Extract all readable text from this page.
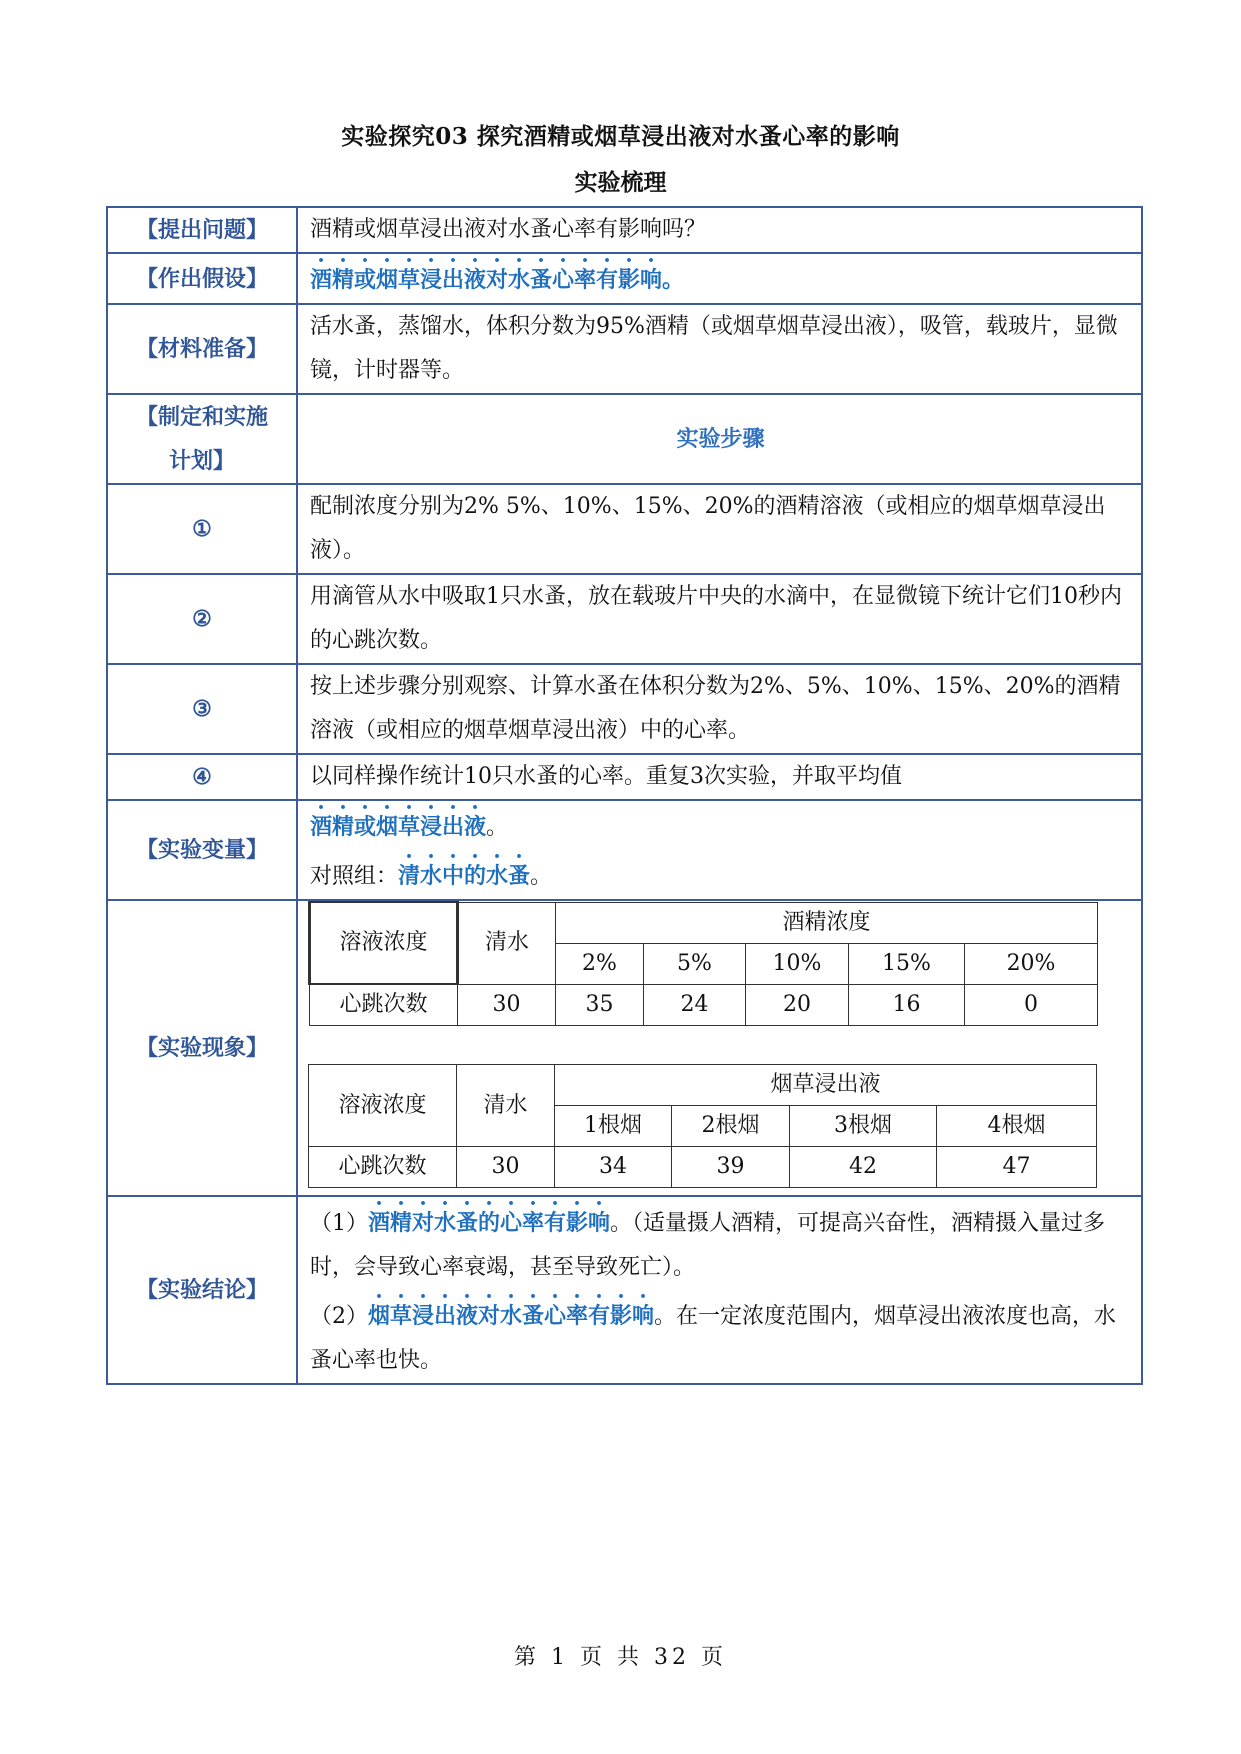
实验探究03 探究酒精或烟草浸出液对水蚤心率的影响
实验梳理
【提出问题】	酒精或烟草浸出液对水蚤心率有影响吗？
【作出假设】	酒精或烟草浸出液对水蚤心率有影响。
【材料准备】	活水蚤，蒸馏水，体积分数为95%酒精（或烟草烟草浸出液），吸管，载玻片，显微镜，计时器等。

【制定和实施
计划】
	实验步骤
①	配制浓度分别为2% 5%、10%、15%、20%的酒精溶液（或相应的烟草烟草浸出液）。
②	用滴管从水中吸取1只水蚤，放在载玻片中央的水滴中，在显微镜下统计它们10秒内的心跳次数。
③	按上述步骤分别观察、计算水蚤在体积分数为2%、5%、10%、15%、20%的酒精溶液（或相应的烟草烟草浸出液）中的心率。
④	以同样操作统计10只水蚤的心率。重复3次实验，并取平均值
【实验变量】	
酒精或烟草浸出液。
对照组：清水中的水蚤。

【实验现象】	
溶液浓度	清水	酒精浓度
2%	5%	10%	15%	20%
心跳次数	30	35	24	20	16	0
溶液浓度	清水	烟草浸出液
1根烟	2根烟	3根烟	4根烟
心跳次数	30	34	39	42	47

【实验结论】	
（1）酒精对水蚤的心率有影响。（适量摄人酒精，可提高兴奋性，酒精摄入量过多时，会导致心率衰竭，甚至导致死亡）。
（2）烟草浸出液对水蚤心率有影响。在一定浓度范围内，烟草浸出液浓度也高，水蚤心率也快。
第 1 页 共 32 页
